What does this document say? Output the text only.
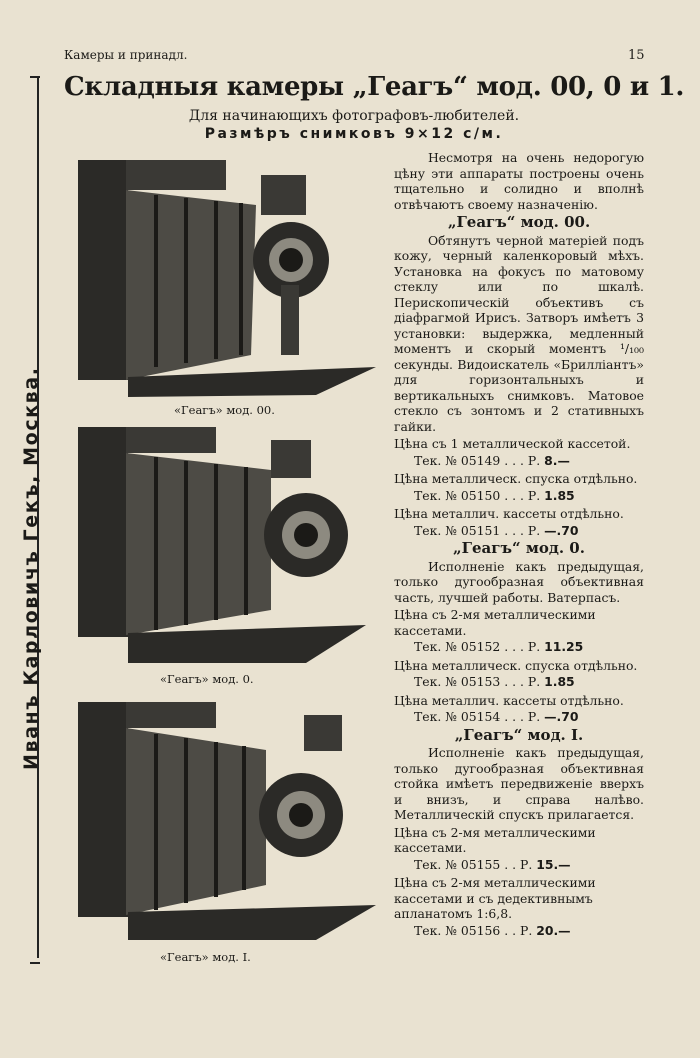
Камеры и принадл.	15
Иванъ Карловичъ Гекъ, Москва.
Складныя камеры „Геагъ“ мод. 00, 0 и 1.
Для начинающихъ фотографовъ-любителей.
Размѣръ снимковъ 9×12 с/м.
«Геагъ» мод. 00.
«Геагъ» мод. 0.
«Геагъ» мод. I.

Несмотря на очень недорогую цѣну эти аппараты построены очень тщательно и солидно и вполнѣ отвѣчаютъ своему назначенію.

„Геагъ“ мод. 00.

Обтянутъ черной матеріей подъ кожу, черный каленкоровый мѣхъ. Установка на фокусъ по матовому стеклу или по шкалѣ. Перископическій объективъ съ діафрагмой Ирисъ. Затворъ имѣетъ 3 установки: выдержка, медленный моментъ и скорый моментъ ¹/₁₀₀ секунды. Видоискатель «Брилліантъ» для горизонтальныхъ и вертикальныхъ снимковъ. Матовое стекло съ зонтомъ и 2 стативныхъ гайки.

Цѣна съ 1 металлической кассетой.
Тек. № 05149 . . . Р. 8.—
Цѣна металлическ. спуска отдѣльно.
Тек. № 05150 . . . Р. 1.85
Цѣна металлич. кассеты отдѣльно.
Тек. № 05151 . . . Р. —.70
„Геагъ“ мод. 0.

Исполненіе какъ предыдущая, только дугообразная объективная часть, лучшей работы. Ватерпасъ.

Цѣна съ 2-мя металлическими кассетами.
Тек. № 05152 . . . Р. 11.25
Цѣна металлическ. спуска отдѣльно.
Тек. № 05153 . . . Р. 1.85
Цѣна металлич. кассеты отдѣльно.
Тек. № 05154 . . . Р. —.70
„Геагъ“ мод. I.

Исполненіе какъ предыдущая, только дугообразная объективная стойка имѣетъ передвиженіе вверхъ и внизъ, и справа налѣво. Металлическій спускъ прилагается.

Цѣна съ 2-мя металлическими кассетами.
Тек. № 05155 . . Р. 15.—
Цѣна съ 2-мя металлическими кассетами и съ дедективнымъ апланатомъ 1:6,8.
Тек. № 05156 . . Р. 20.—
